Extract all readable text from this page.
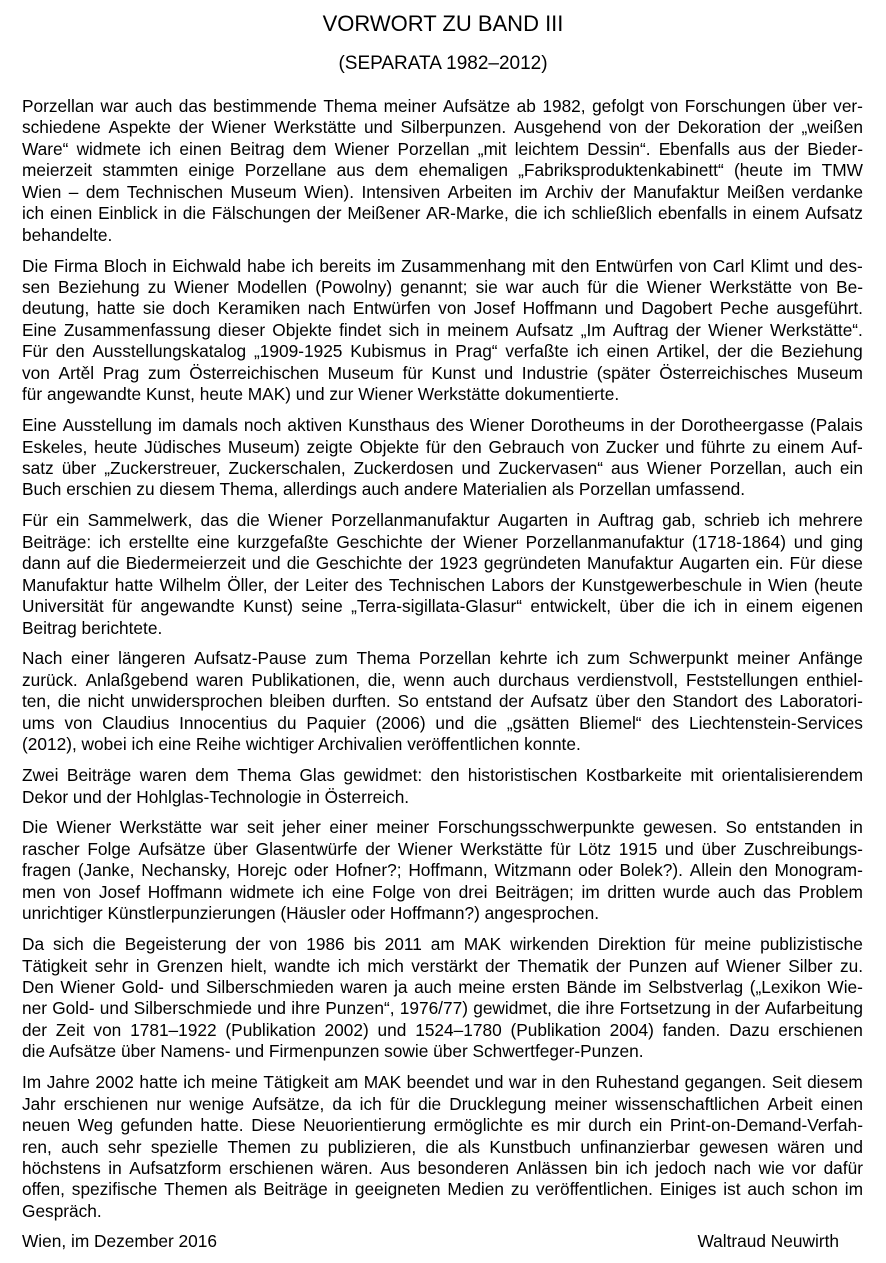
VORWORT ZU BAND III
(SEPARATA 1982–2012)
Porzellan war auch das bestimmende Thema meiner Aufsätze ab 1982, gefolgt von Forschungen über ver-
schiedene Aspekte der Wiener Werkstätte und Silberpunzen. Ausgehend von der Dekoration der „weißen
Ware“ widmete ich einen Beitrag dem Wiener Porzellan „mit leichtem Dessin“. Ebenfalls aus der Bieder-
meierzeit stammten einige Porzellane aus dem ehemaligen „Fabriksproduktenkabinett“ (heute im TMW
Wien – dem Technischen Museum Wien). Intensiven Arbeiten im Archiv der Manufaktur Meißen verdanke
ich einen Einblick in die Fälschungen der Meißener AR-Marke, die ich schließlich ebenfalls in einem Aufsatz
behandelte.
Die Firma Bloch in Eichwald habe ich bereits im Zusammenhang mit den Entwürfen von Carl Klimt und des-
sen Beziehung zu Wiener Modellen (Powolny) genannt; sie war auch für die Wiener Werkstätte von Be-
deutung, hatte sie doch Keramiken nach Entwürfen von Josef Hoffmann und Dagobert Peche ausgeführt.
Eine Zusammenfassung dieser Objekte findet sich in meinem Aufsatz „Im Auftrag der Wiener Werkstätte“.
Für den Ausstellungskatalog „1909-1925 Kubismus in Prag“ verfaßte ich einen Artikel, der die Beziehung
von Artěl Prag zum Österreichischen Museum für Kunst und Industrie (später Österreichisches Museum
für angewandte Kunst, heute MAK) und zur Wiener Werkstätte dokumentierte.
Eine Ausstellung im damals noch aktiven Kunsthaus des Wiener Dorotheums in der Dorotheergasse (Palais
Eskeles, heute Jüdisches Museum) zeigte Objekte für den Gebrauch von Zucker und führte zu einem Auf-
satz über „Zuckerstreuer, Zuckerschalen, Zuckerdosen und Zuckervasen“ aus Wiener Porzellan, auch ein
Buch erschien zu diesem Thema, allerdings auch andere Materialien als Porzellan umfassend.
Für ein Sammelwerk, das die Wiener Porzellanmanufaktur Augarten in Auftrag gab, schrieb ich mehrere
Beiträge: ich erstellte eine kurzgefaßte Geschichte der Wiener Porzellanmanufaktur (1718-1864) und ging
dann auf die Biedermeierzeit und die Geschichte der 1923 gegründeten Manufaktur Augarten ein. Für diese
Manufaktur hatte Wilhelm Öller, der Leiter des Technischen Labors der Kunstgewerbeschule in Wien (heute
Universität für angewandte Kunst) seine „Terra-sigillata-Glasur“ entwickelt, über die ich in einem eigenen
Beitrag berichtete.
Nach einer längeren Aufsatz-Pause zum Thema Porzellan kehrte ich zum Schwerpunkt meiner Anfänge
zurück. Anlaßgebend waren Publikationen, die, wenn auch durchaus verdienstvoll, Feststellungen enthiel-
ten, die nicht unwidersprochen bleiben durften. So entstand der Aufsatz über den Standort des Laboratori-
ums von Claudius Innocentius du Paquier (2006) und die „gsätten Bliemel“ des Liechtenstein-Services
(2012), wobei ich eine Reihe wichtiger Archivalien veröffentlichen konnte.
Zwei Beiträge waren dem Thema Glas gewidmet: den historistischen Kostbarkeite mit orientalisierendem
Dekor und der Hohlglas-Technologie in Österreich.
Die Wiener Werkstätte war seit jeher einer meiner Forschungsschwerpunkte gewesen. So entstanden in
rascher Folge Aufsätze über Glasentwürfe der Wiener Werkstätte für Lötz 1915 und über Zuschreibungs-
fragen (Janke, Nechansky, Horejc oder Hofner?; Hoffmann, Witzmann oder Bolek?). Allein den Monogram-
men von Josef Hoffmann widmete ich eine Folge von drei Beiträgen; im dritten wurde auch das Problem
unrichtiger Künstlerpunzierungen (Häusler oder Hoffmann?) angesprochen.
Da sich die Begeisterung der von 1986 bis 2011 am MAK wirkenden Direktion für meine publizistische
Tätigkeit sehr in Grenzen hielt, wandte ich mich verstärkt der Thematik der Punzen auf Wiener Silber zu.
Den Wiener Gold- und Silberschmieden waren ja auch meine ersten Bände im Selbstverlag („Lexikon Wie-
ner Gold- und Silberschmiede und ihre Punzen“, 1976/77) gewidmet, die ihre Fortsetzung in der Aufarbeitung
der Zeit von 1781–1922 (Publikation 2002) und 1524–1780 (Publikation 2004) fanden. Dazu erschienen
die Aufsätze über Namens- und Firmenpunzen sowie über Schwertfeger-Punzen.
Im Jahre 2002 hatte ich meine Tätigkeit am MAK beendet und war in den Ruhestand gegangen. Seit diesem
Jahr erschienen nur wenige Aufsätze, da ich für die Drucklegung meiner wissenschaftlichen Arbeit einen
neuen Weg gefunden hatte. Diese Neuorientierung ermöglichte es mir durch ein Print-on-Demand-Verfah-
ren, auch sehr spezielle Themen zu publizieren, die als Kunstbuch unfinanzierbar gewesen wären und
höchstens in Aufsatzform erschienen wären. Aus besonderen Anlässen bin ich jedoch nach wie vor dafür
offen, spezifische Themen als Beiträge in geeigneten Medien zu veröffentlichen. Einiges ist auch schon im
Gespräch.
Wien, im Dezember 2016	Waltraud Neuwirth
